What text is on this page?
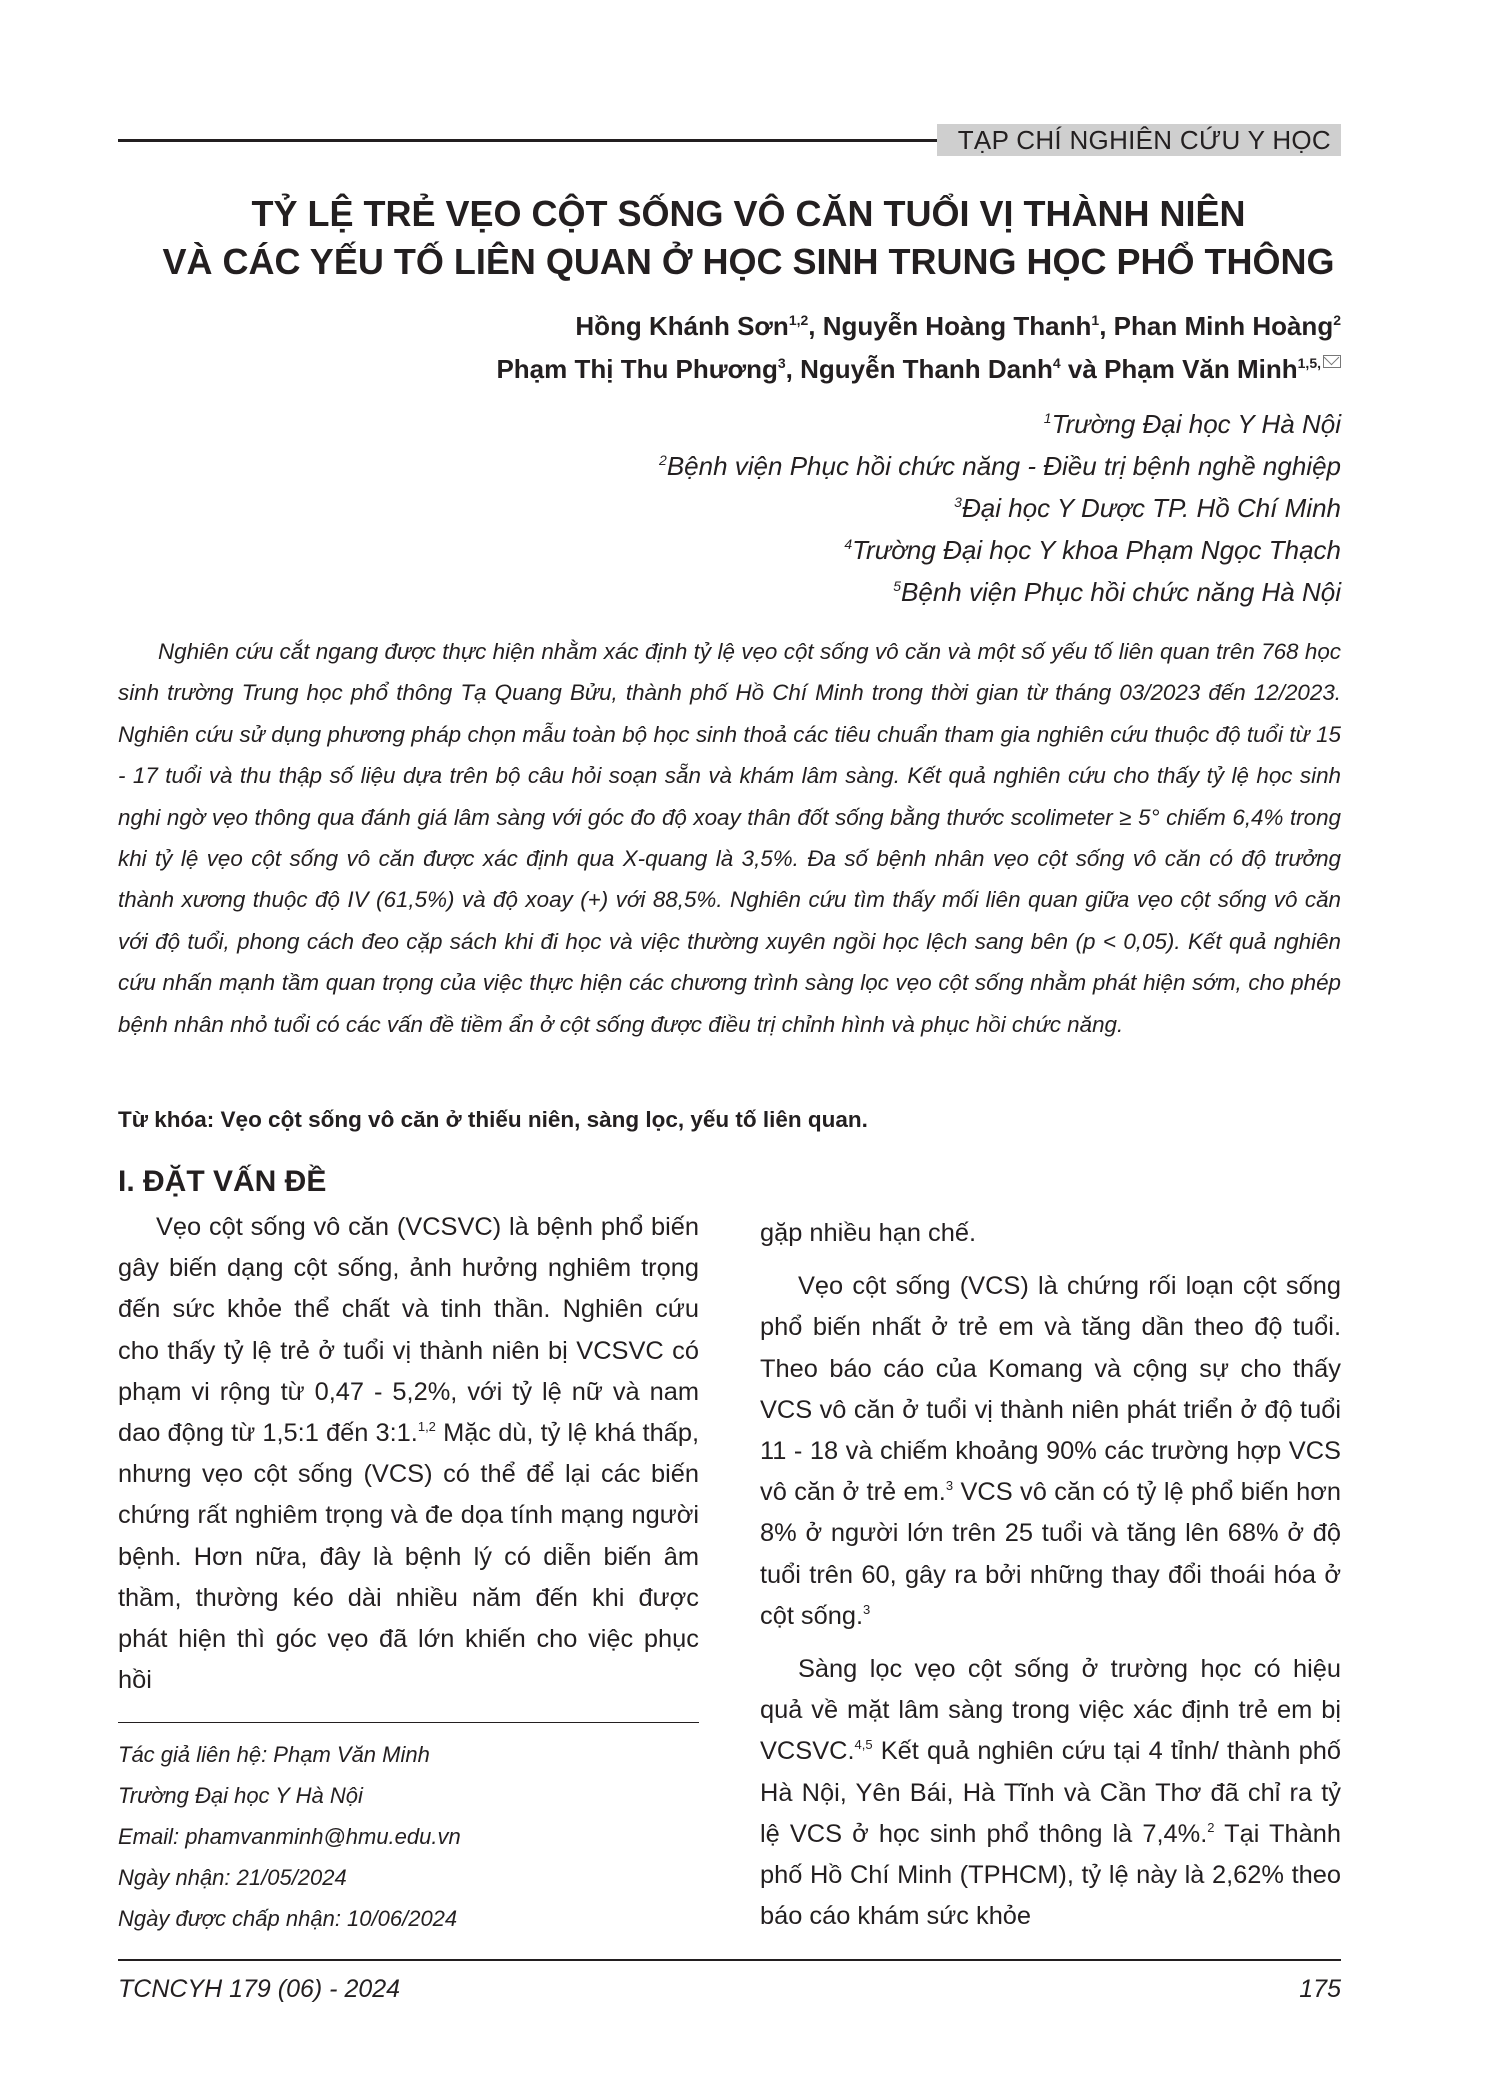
TẠP CHÍ NGHIÊN CỨU Y HỌC
TỶ LỆ TRẺ VẸO CỘT SỐNG VÔ CĂN TUỔI VỊ THÀNH NIÊN
VÀ CÁC YẾU TỐ LIÊN QUAN Ở HỌC SINH TRUNG HỌC PHỔ THÔNG
Hồng Khánh Sơn$^{1,2}$, Nguyễn Hoàng Thanh$^1$, Phan Minh Hoàng$^2$
Phạm Thị Thu Phương$^3$, Nguyễn Thanh Danh$^4$ và Phạm Văn Minh$^{1,5,}$
$^1$Trường Đại học Y Hà Nội
$^2$Bệnh viện Phục hồi chức năng - Điều trị bệnh nghề nghiệp
$^3$Đại học Y Dược TP. Hồ Chí Minh
$^4$Trường Đại học Y khoa Phạm Ngọc Thạch
$^5$Bệnh viện Phục hồi chức năng Hà Nội

Nghiên cứu cắt ngang được thực hiện nhằm xác định tỷ lệ vẹo cột sống vô căn và một số yếu tố liên quan trên 768 học sinh trường Trung học phổ thông Tạ Quang Bửu, thành phố Hồ Chí Minh trong thời gian từ tháng 03/2023 đến 12/2023. Nghiên cứu sử dụng phương pháp chọn mẫu toàn bộ học sinh thoả các tiêu chuẩn tham gia nghiên cứu thuộc độ tuổi từ 15 - 17 tuổi và thu thập số liệu dựa trên bộ câu hỏi soạn sẵn và khám lâm sàng. Kết quả nghiên cứu cho thấy tỷ lệ học sinh nghi ngờ vẹo thông qua đánh giá lâm sàng với góc đo độ xoay thân đốt sống bằng thước scolimeter ≥ 5° chiếm 6,4% trong khi tỷ lệ vẹo cột sống vô căn được xác định qua X-quang là 3,5%. Đa số bệnh nhân vẹo cột sống vô căn có độ trưởng thành xương thuộc độ IV (61,5%) và độ xoay (+) với 88,5%. Nghiên cứu tìm thấy mối liên quan giữa vẹo cột sống vô căn với độ tuổi, phong cách đeo cặp sách khi đi học và việc thường xuyên ngồi học lệch sang bên (p < 0,05). Kết quả nghiên cứu nhấn mạnh tầm quan trọng của việc thực hiện các chương trình sàng lọc vẹo cột sống nhằm phát hiện sớm, cho phép bệnh nhân nhỏ tuổi có các vấn đề tiềm ẩn ở cột sống được điều trị chỉnh hình và phục hồi chức năng.

Từ khóa: Vẹo cột sống vô căn ở thiếu niên, sàng lọc, yếu tố liên quan.
I. ĐẶT VẤN ĐỀ

Vẹo cột sống vô căn (VCSVC) là bệnh phổ biến gây biến dạng cột sống, ảnh hưởng nghiêm trọng đến sức khỏe thể chất và tinh thần. Nghiên cứu cho thấy tỷ lệ trẻ ở tuổi vị thành niên bị VCSVC có phạm vi rộng từ 0,47 - 5,2%, với tỷ lệ nữ và nam dao động từ 1,5:1 đến 3:1.$^{1,2}$ Mặc dù, tỷ lệ khá thấp, nhưng vẹo cột sống (VCS) có thể để lại các biến chứng rất nghiêm trọng và đe dọa tính mạng người bệnh. Hơn nữa, đây là bệnh lý có diễn biến âm thầm, thường kéo dài nhiều năm đến khi được phát hiện thì góc vẹo đã lớn khiến cho việc phục hồi

Tác giả liên hệ: Phạm Văn Minh
Trường Đại học Y Hà Nội
Email: phamvanminh@hmu.edu.vn
Ngày nhận: 21/05/2024
Ngày được chấp nhận: 10/06/2024

gặp nhiều hạn chế.

Vẹo cột sống (VCS) là chứng rối loạn cột sống phổ biến nhất ở trẻ em và tăng dần theo độ tuổi. Theo báo cáo của Komang và cộng sự cho thấy VCS vô căn ở tuổi vị thành niên phát triển ở độ tuổi 11 - 18 và chiếm khoảng 90% các trường hợp VCS vô căn ở trẻ em.$^3$ VCS vô căn có tỷ lệ phổ biến hơn 8% ở người lớn trên 25 tuổi và tăng lên 68% ở độ tuổi trên 60, gây ra bởi những thay đổi thoái hóa ở cột sống.$^3$

Sàng lọc vẹo cột sống ở trường học có hiệu quả về mặt lâm sàng trong việc xác định trẻ em bị VCSVC.$^{4,5}$ Kết quả nghiên cứu tại 4 tỉnh/ thành phố Hà Nội, Yên Bái, Hà Tĩnh và Cần Thơ đã chỉ ra tỷ lệ VCS ở học sinh phổ thông là 7,4%.$^2$ Tại Thành phố Hồ Chí Minh (TPHCM), tỷ lệ này là 2,62% theo báo cáo khám sức khỏe

TCNCYH 179 (06) - 2024	175
